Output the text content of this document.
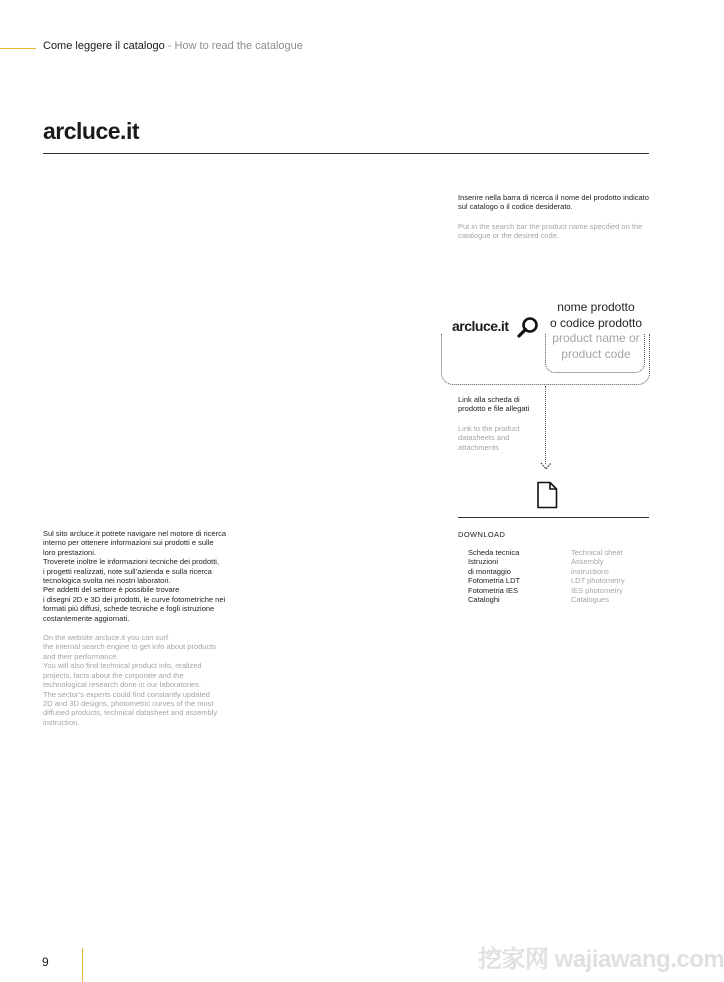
Come leggere il catalogo - How to read the catalogue
arcluce.it
Inserire nella barra di ricerca il nome del prodotto indicato sul catalogo o il codice desiderato.
Put in the search bar the product name specified on the catalogue or the desired code.
arcluce.it
nome prodotto
o codice prodotto
product name or
product code
Link alla scheda di prodotto e file allegati
Link to the product datasheets and attachments
DOWNLOAD
Scheda tecnica	Technical sheet
Istruzioni	Assembly
di montaggio	instructions
Fotometria LDT	LDT photometry
Fotometria IES	IES photometry
Cataloghi	Catalogues
Sul sito arcluce.it potrete navigare nel motore di ricerca
interno per ottenere informazioni sui prodotti e sulle
loro prestazioni.
Troverete inoltre le informazioni tecniche dei prodotti,
i progetti realizzati, note sull’azienda e sulla ricerca
tecnologica svolta nei nostri laboratori.
Per addetti del settore è possibile trovare
i disegni 2D e 3D dei prodotti, le curve fotometriche nei
formati più diffusi, schede tecniche e fogli istruzione
costantemente aggiornati.
On the website arcluce.it you can surf
the internal search engine to get info about products
and their performance.
You will also find technical product info, realized
projects, facts about the corporate and the
technological research done in our laboratories.
The sector’s experts could find constantly updated
2D and 3D designs, photometric curves of the most
diffused products, technical datasheet and assembly
instruction.
9	挖家网 wajiawang.com
